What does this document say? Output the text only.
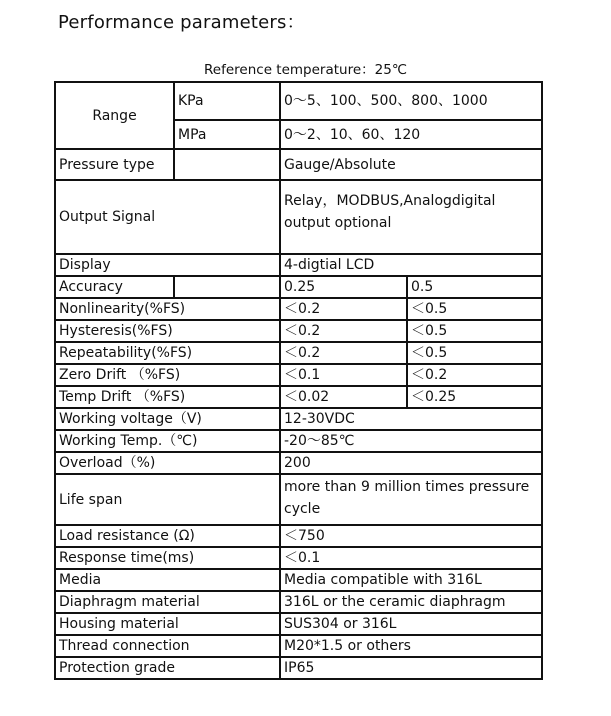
Performance parameters：
Reference temperature：25℃
Range	KPa	0～5、100、500、800、1000	
	MPa	0～2、10、60、120	
Pressure type		Gauge/Absolute	
Output Signal		Relay，MODBUS,Analogdigital output optional	
Display		4-digtial LCD	
Accuracy		0.25	0.5
Nonlinearity(%FS)		＜0.2	＜0.5
Hysteresis(%FS)		＜0.2	＜0.5
Repeatability(%FS)		＜0.2	＜0.5
Zero Drift （%FS)		＜0.1	＜0.2
Temp Drift （%FS)		＜0.02	＜0.25
Working voltage（V)		12-30VDC	
Working Temp.（℃)		-20～85℃	
Overload（%)		200	
Life span		more than 9 million times pressure cycle	
Load resistance (Ω)		＜750	
Response time(ms)		＜0.1	
Media		Media compatible with 316L	
Diaphragm material		316L or the ceramic diaphragm	
Housing material		SUS304 or 316L	
Thread connection		M20*1.5 or others	
Protection grade		IP65	
